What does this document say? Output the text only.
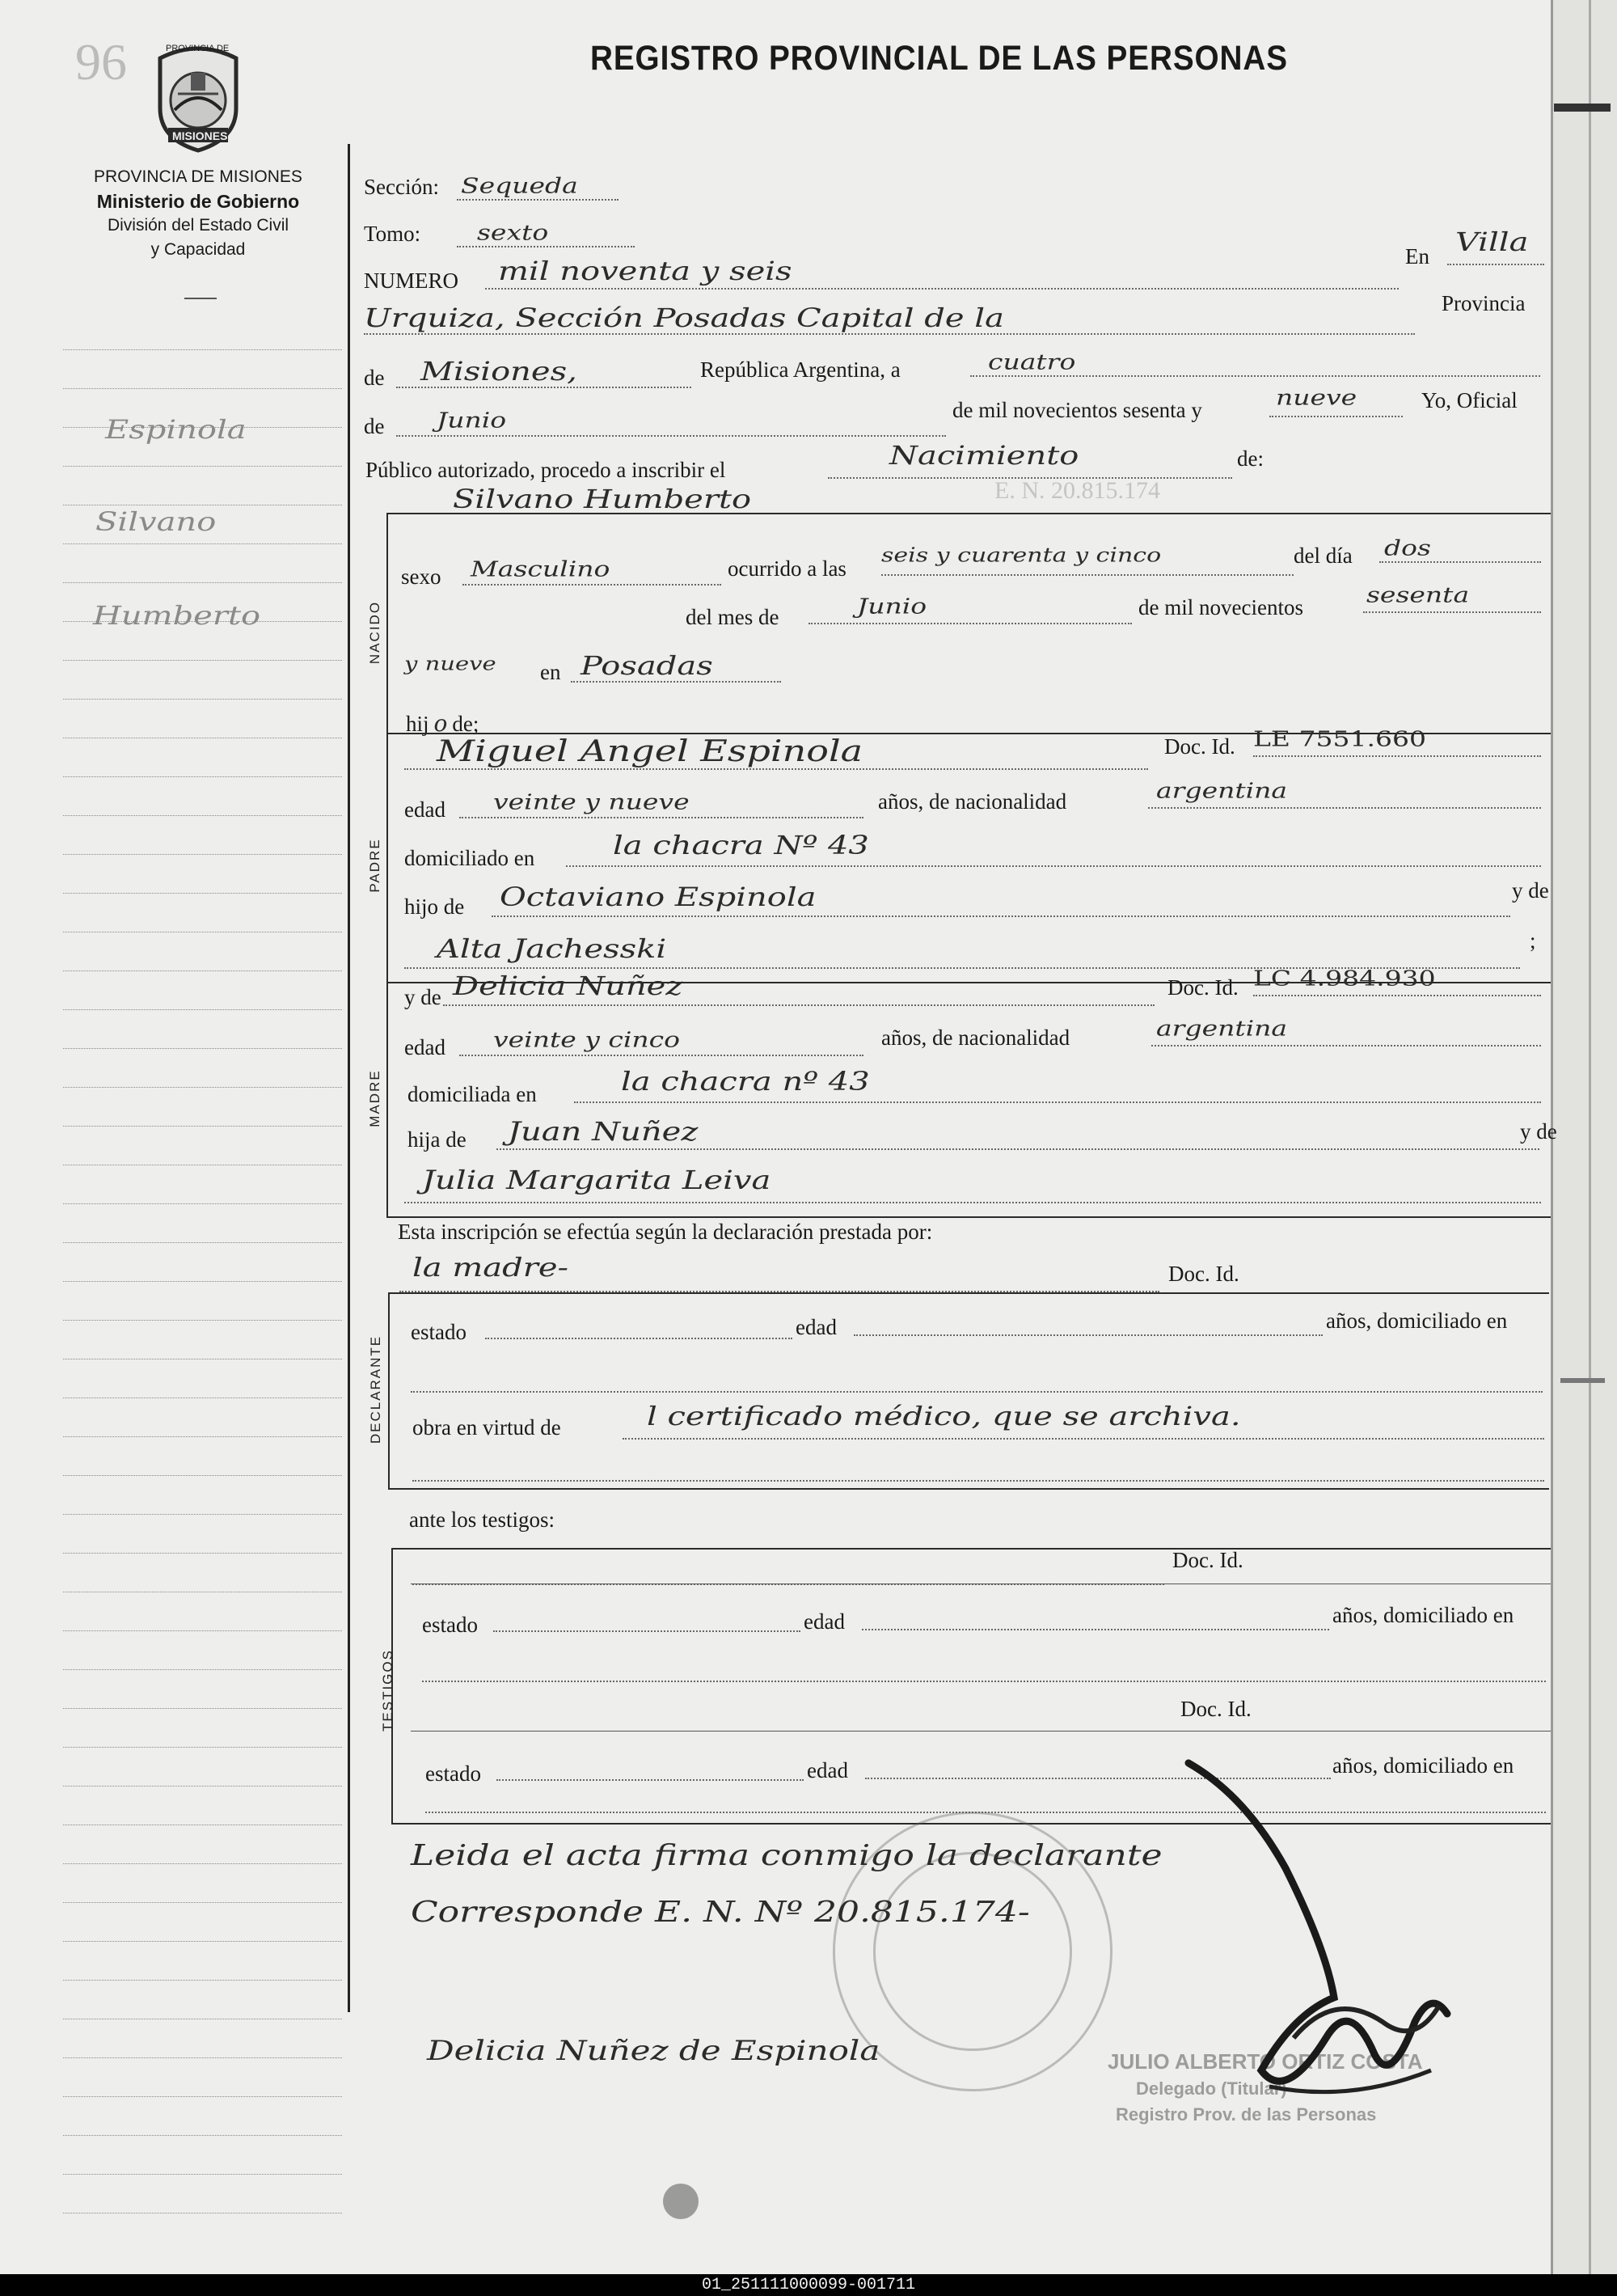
96	PROVINCIA DE
MISIONES
REGISTRO PROVINCIAL DE LAS PERSONAS
PROVINCIA DE MISIONES
Ministerio de Gobierno
División del Estado Civil
y Capacidad
Espinola
Silvano
Humberto
Sección: Sequeda
Tomo: sexto
NUMERO mil noventa y seis
En Villa
Urquiza, Sección Posadas Capital de la
Provincia
de Misiones,	República Argentina, a	cuatro
de Junio	de mil novecientos sesenta y	nueve	Yo, Oficial
Público autorizado, procedo a inscribir el	Nacimiento	de:
E. N. 20.815.174
Silvano Humberto
NACIDO
sexo Masculino	ocurrido a las
seis y cuarenta y cinco	del día dos
del mes de	Junio	de mil novecientos sesenta
y nueve en Posadas
hij o de;
PADRE
Miguel Angel Espinola	Doc. Id. LE 7551.660
edad veinte y nueve	años, de nacionalidad	argentina
domiciliado en la chacra Nº 43
hijo de Octaviano Espinola	y de
Alta Jachesski	;
MADRE
y de Delicia Nuñez	Doc. Id. LC 4.984.930
edad veinte y cinco	años, de nacionalidad	argentina
domiciliada en	la chacra nº 43
hija de Juan Nuñez	y de
Julia Margarita Leiva
Esta inscripción se efectúa según la declaración prestada por:
la madre-	Doc. Id.
DECLARANTE
estado	edad	años, domiciliado en
obra en virtud de	l certificado médico, que se archiva.
ante los testigos:
TESTIGOS
Doc. Id.
estado	edad	años, domiciliado en
Doc. Id.
estado	edad	años, domiciliado en
Leida el acta firma conmigo la declarante
Corresponde E. N. Nº 20.815.174-
Delicia Nuñez de Espinola	JULIO ALBERTO ORTIZ COSTA
Delegado (Titular)
Registro Prov. de las Personas
01_251111000099-001711
